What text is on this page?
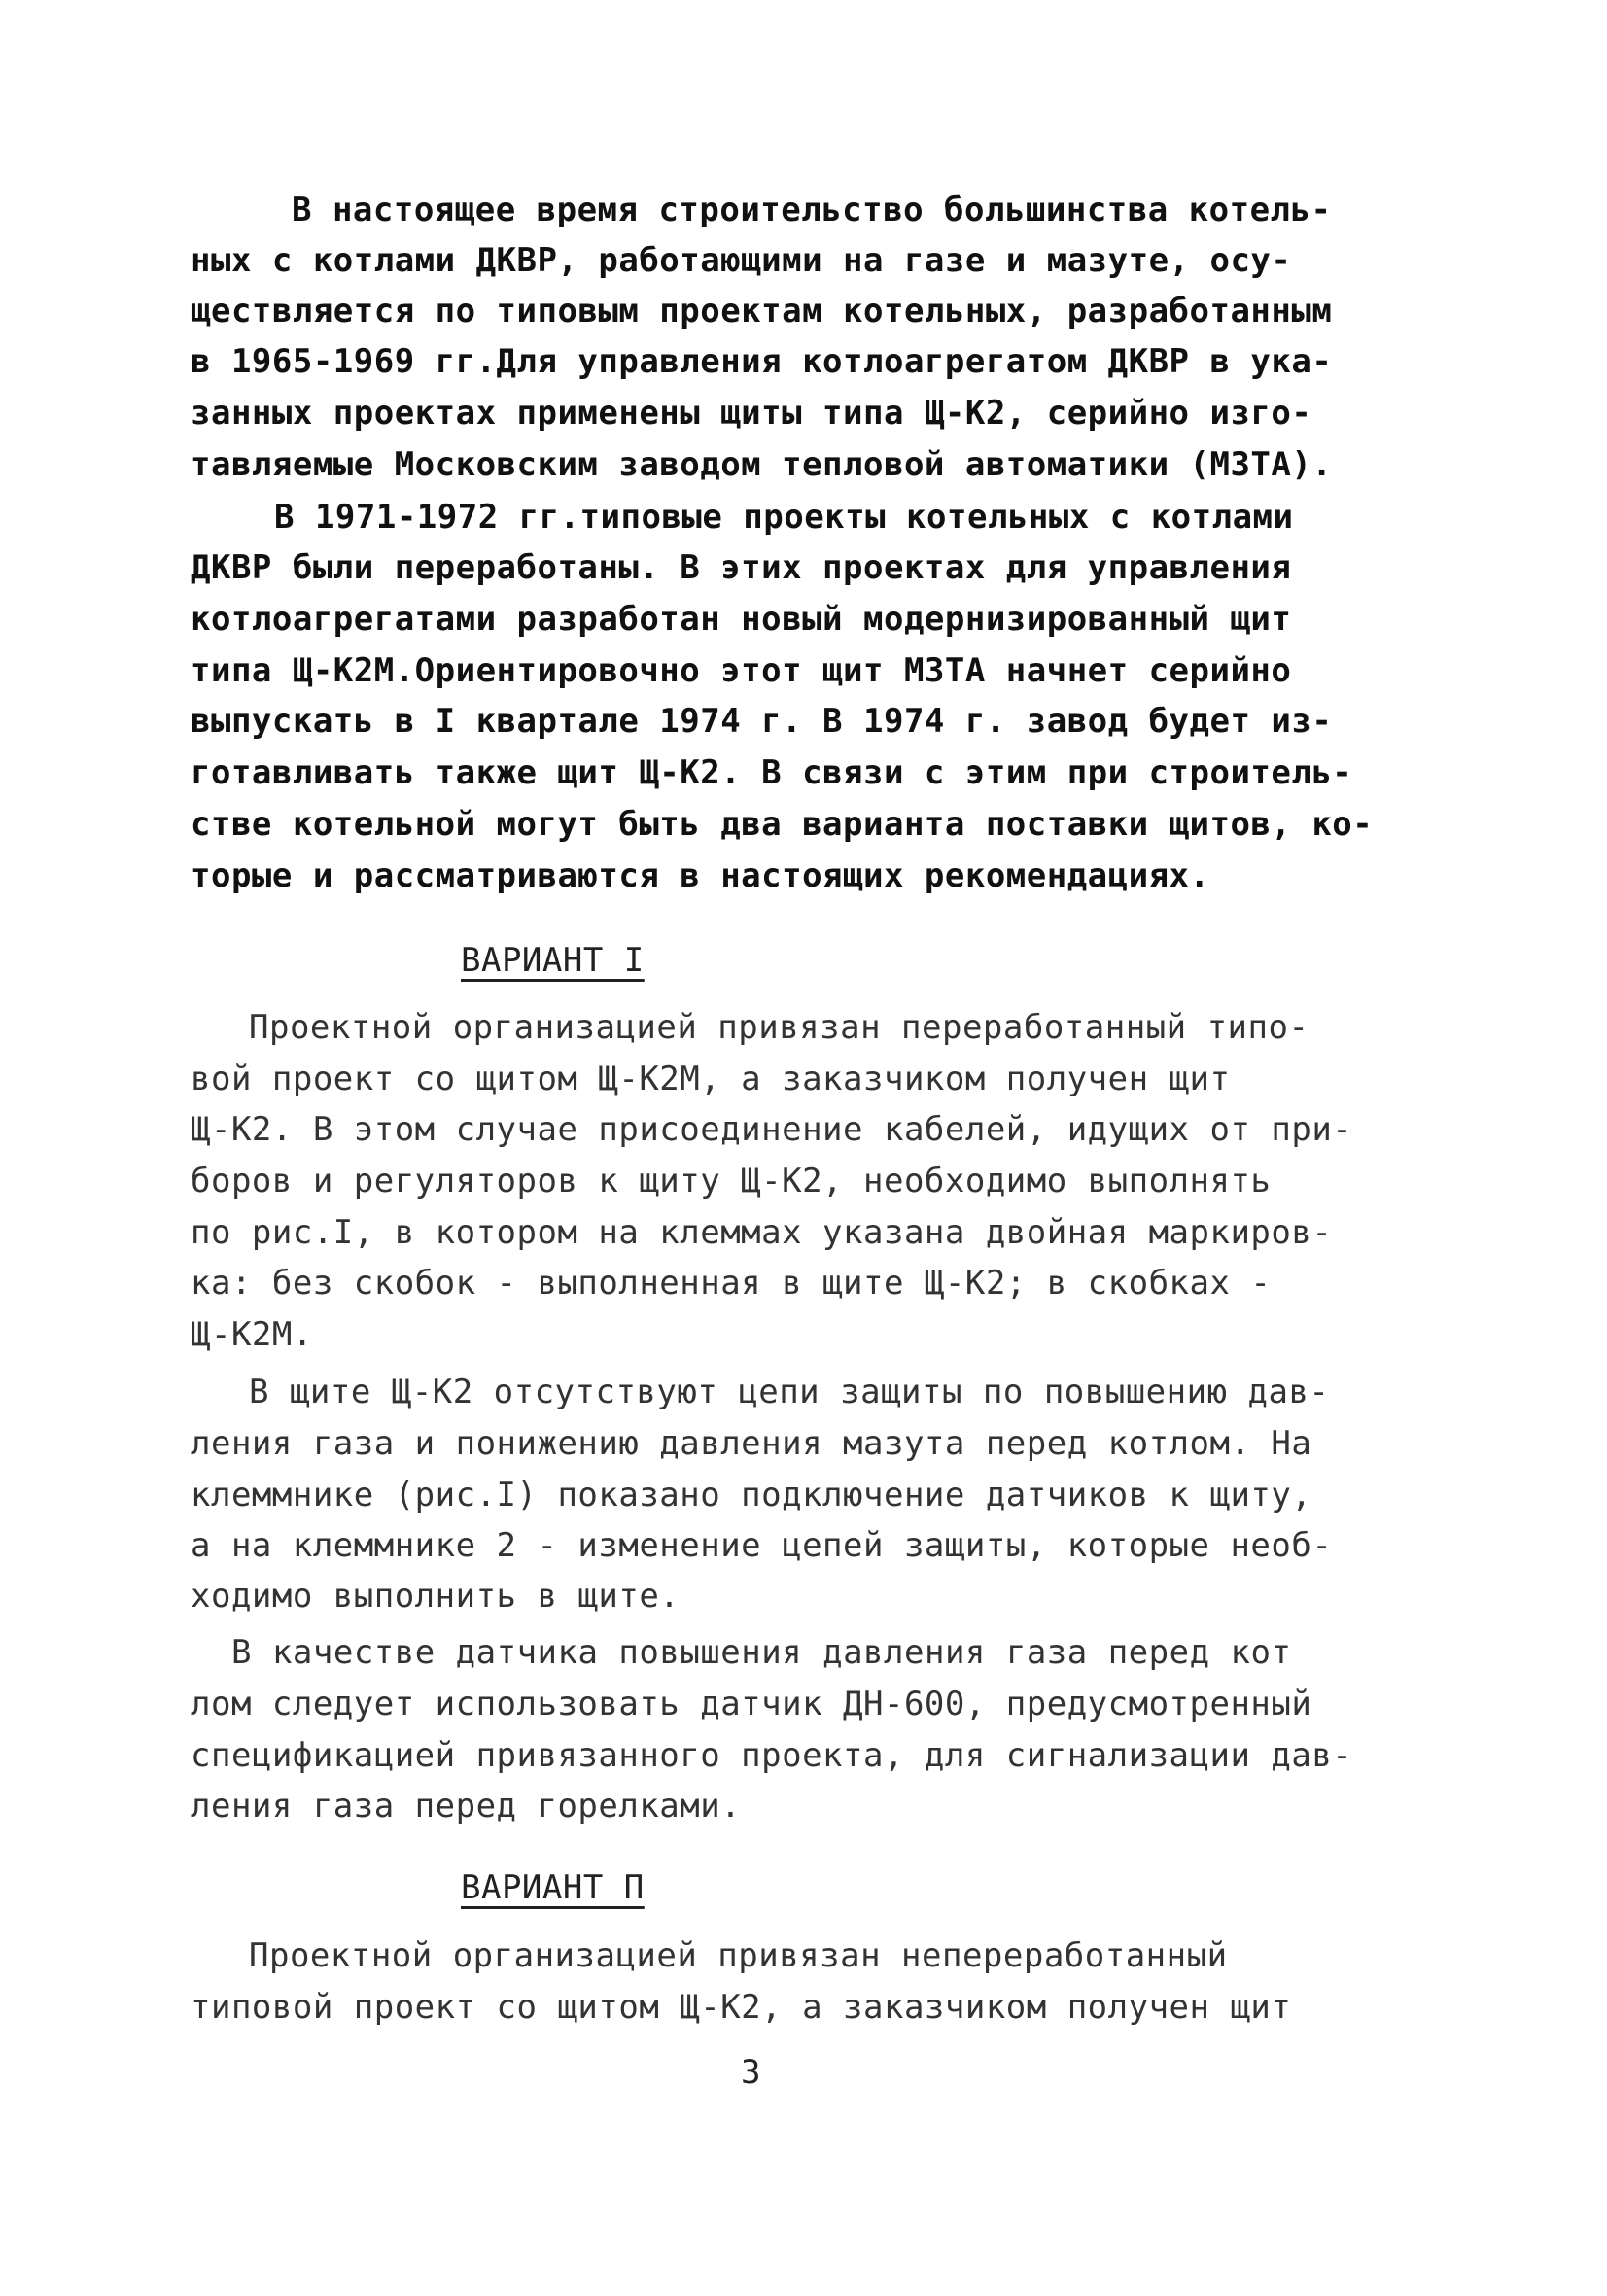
В настоящее время строительство большинства котель-
ных с котлами ДКВР, работающими на газе и мазуте, осу-
ществляется по типовым проектам котельных, разработанным
в 1965-1969 гг.Для управления котлоагрегатом ДКВР в ука-
занных проектах применены щиты типа Щ-К2, серийно изго-
тавляемые Московским заводом тепловой автоматики (МЗТА).
В 1971-1972 гг.типовые проекты котельных с котлами
ДКВР были переработаны. В этих проектах для управления
котлоагрегатами разработан новый модернизированный щит
типа Щ-К2М.Ориентировочно этот щит МЗТА начнет серийно
выпускать в I квартале 1974 г. В 1974 г. завод будет из-
готавливать также щит Щ-К2. В связи с этим при строитель-
стве котельной могут быть два варианта поставки щитов, ко-
торые и рассматриваются в настоящих рекомендациях.
ВАРИАНТ I
Проектной организацией привязан переработанный типо-
вой проект со щитом Щ-К2М, а заказчиком получен щит
Щ-К2. В этом случае присоединение кабелей, идущих от при-
боров и регуляторов к щиту Щ-К2, необходимо выполнять
по рис.I, в котором на клеммах указана двойная маркиров-
ка: без скобок - выполненная в щите Щ-К2; в скобках -
Щ-К2М.
В щите Щ-К2 отсутствуют цепи защиты по повышению дав-
ления газа и понижению давления мазута перед котлом. На
клеммнике (рис.I) показано подключение датчиков к щиту,
а на клеммнике 2 - изменение цепей защиты, которые необ-
ходимо выполнить в щите.
В качестве датчика повышения давления газа перед кот
лом следует использовать датчик ДН-600, предусмотренный
спецификацией привязанного проекта, для сигнализации дав-
ления газа перед горелками.
ВАРИАНТ П
Проектной организацией привязан непереработанный
типовой проект со щитом Щ-К2, а заказчиком получен щит
3
